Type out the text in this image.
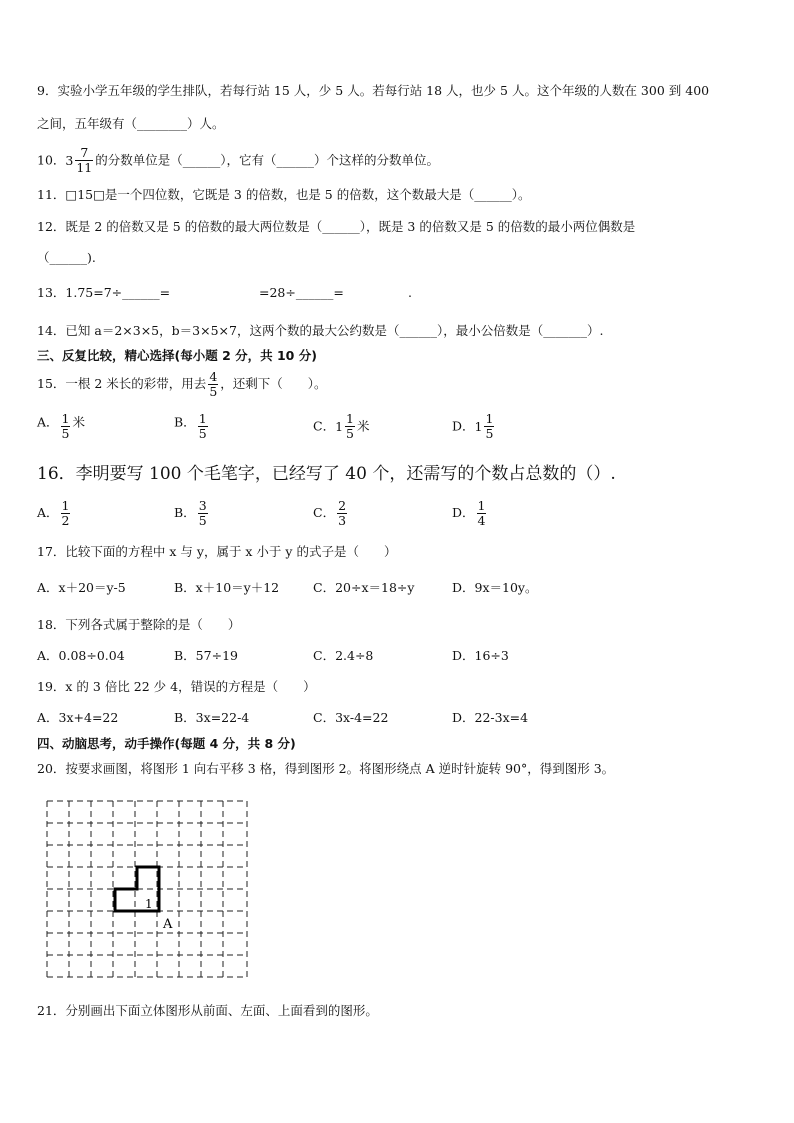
9．实验小学五年级的学生排队，若每行站 15 人，少 5 人。若每行站 18 人，也少 5 人。这个年级的人数在 300 到 400
之间，五年级有（________）人。
10． $3 \frac{7}{11}$ 的分数单位是（______），它有（______）个这样的分数单位。
11．□15□是一个四位数，它既是 3 的倍数，也是 5 的倍数，这个数最大是（______）。
12．既是 2 的倍数又是 5 的倍数的最大两位数是（______），既是 3 的倍数又是 5 的倍数的最小两位偶数是
（______).
13．1.75=7÷______=	=28÷______=	.
14．已知 a＝2×3×5，b＝3×5×7，这两个数的最大公约数是（______），最小公倍数是（_______）.
三、反复比较，精心选择(每小题 2 分，共 10 分)
15．一根 2 米长的彩带，用去 $\frac{4}{5}$ ，还剩下（　　）。
A． $\frac{1}{5}$ 米	B． $\frac{1}{5}$	C． $1 \frac{1}{5}$ 米	D． $1 \frac{1}{5}$
16．李明要写 100 个毛笔字，已经写了 40 个，还需写的个数占总数的（）.
A． $\frac{1}{2}$	B． $\frac{3}{5}$	C． $\frac{2}{3}$	D． $\frac{1}{4}$
17．比较下面的方程中 x 与 y，属于 x 小于 y 的式子是（　　）
A．x＋20＝y-5	B．x＋10＝y＋12	C．20÷x＝18÷y	D．9x＝10y。
18．下列各式属于整除的是（　　）
A．0.08÷0.04	B．57÷19	C．2.4÷8	D．16÷3
19．x 的 3 倍比 22 少 4，错误的方程是（　　）
A．3x+4=22	B．3x=22-4	C．3x-4=22	D．22-3x=4
四、动脑思考，动手操作(每题 4 分，共 8 分)
20．按要求画图，将图形 1 向右平移 3 格，得到图形 2。将图形绕点 A 逆时针旋转 90°，得到图形 3。
1
A
21．分别画出下面立体图形从前面、左面、上面看到的图形。
